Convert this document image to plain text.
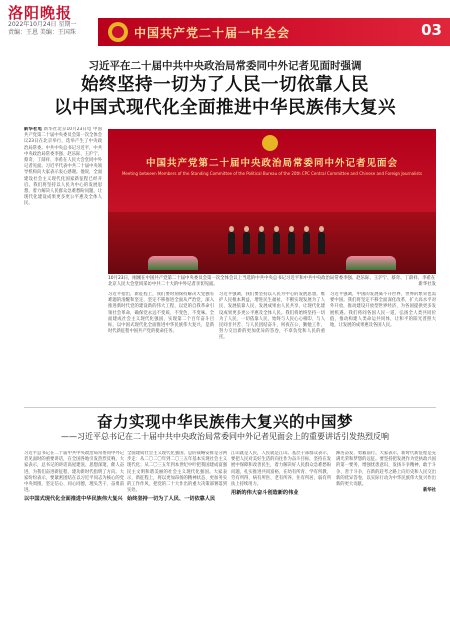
洛阳晚报
2022年10月24日 星期一
责编：王恩 美编：王国珠	中国共产党二十届一中全会	03
习近平在二十届中共中央政治局常委同中外记者见面时强调
始终坚持一切为了人民一切依靠人民
以中国式现代化全面推进中华民族伟大复兴
新华社电 新华社北京10月23日电 中国共产党第二十届中央委员会第一次全体会议23日在北京举行，选举产生了中央政治局常委。中共中央总书记习近平，中共中央政治局常委李强、赵乐际、王沪宁、蔡奇、丁薛祥、李希在人民大会堂同中外记者见面。习近平代表中共二十届中央领导机构向大家表示衷心感谢。他说，全面建设社会主义现代化国家新征程已经开启。我们将坚持以人民为中心的发展思想，着力解决人民群众急难愁盼问题，让现代化建设成果更多更公平惠及全体人民。
中国共产党第二十届中央政治局常委同中外记者见面会
Meeting between Members of the Standing Committee of the Political Bureau of the 20th CPC Central Committee and Chinese and Foreign Journalists
10月23日，刚刚在中国共产党第二十届中央委员会第一次全体会议上当选的中共中央总书记习近平和中共中央政治局常委李强、赵乐际、王沪宁、蔡奇、丁薛祥、李希在北京人民大会堂同采访中共二十大的中外记者亲切见面。	新华社发
习近平指出，新征程上，我们要时刻保持解决大党独有难题的清醒和坚定，坚定不移推进全面从严治党，深入推进新时代党的建设新的伟大工程，以党的自我革命引领社会革命，确保党永远不变质、不变色、不变味。全面建成社会主义现代化强国，实现第二个百年奋斗目标，以中国式现代化全面推进中华民族伟大复兴，是新时代新征程中国共产党的使命任务。
习近平强调，我们要坚持以人民为中心的发展思想，维护人民根本利益，增进民生福祉，不断实现发展为了人民、发展依靠人民、发展成果由人民共享，让现代化建设成果更多更公平惠及全体人民。我们将始终坚持一切为了人民、一切依靠人民，始终与人民心心相印、与人民同甘共苦、与人民团结奋斗，夙夜在公，勤勉工作，努力交出新的更加优异的答卷，不辜负党和人民的重托。
习近平强调，中国的发展离不开世界，世界的繁荣也需要中国。我们将坚定不移全面深化改革，扩大高水平对外开放，推动建设开放型世界经济，为各国提供更多发展机遇。我们将同各国人民一道，弘扬全人类共同价值，推动构建人类命运共同体，让和平的阳光普照大地，让发展的成果惠及各国人民。
奋力实现中华民族伟大复兴的中国梦
——习近平总书记在二十届中共中央政治局常委同中外记者见面会上的重要讲话引发热烈反响
习近平总书记在二十届中共中央政治局常委同中外记者见面时的重要讲话，在全国各地引发热烈反响。大家表示，总书记的讲话高屋建瓴、思想深邃、催人奋进，为我们奋进新征程、建功新时代指明了方向。大家纷纷表示，要紧密团结在以习近平同志为核心的党中央周围，坚定信心、同心同德，埋头苦干、奋勇前进。
以中国式现代化全面推进中华民族伟大复兴
全面建成社会主义现代化强国，总的战略安排是分两步走：从二〇二〇年到二〇三五年基本实现社会主义现代化；从二〇三五年到本世纪中叶把我国建成富强民主文明和谐美丽的社会主义现代化强国。大家表示，新征程上，将以更加昂扬的精神状态、更加务实的工作作风，把党的二十大作出的重大决策部署落到实处。
始终坚持一切为了人民、一切依靠人民
江山就是人民，人民就是江山。基层干部群众表示，要把人民对美好生活的向往作为奋斗目标，坚持在发展中保障和改善民生，着力解决好人民群众急难愁盼问题，扎实推进共同富裕，在幼有所育、学有所教、劳有所得、病有所医、老有所养、住有所居、弱有所扶上持续用力。
用新的伟大奋斗创造新的伟业
踔厉奋发、勇毅前行。大家表示，新时代新征程是充满光荣和梦想的远征。要坚持把发展作为党执政兴国的第一要务，增强忧患意识，发扬斗争精神，敢于斗争、善于斗争，在新的赶考之路上向历史和人民交出新的优异答卷，以实际行动为中华民族伟大复兴作出新的更大贡献。
新华社
